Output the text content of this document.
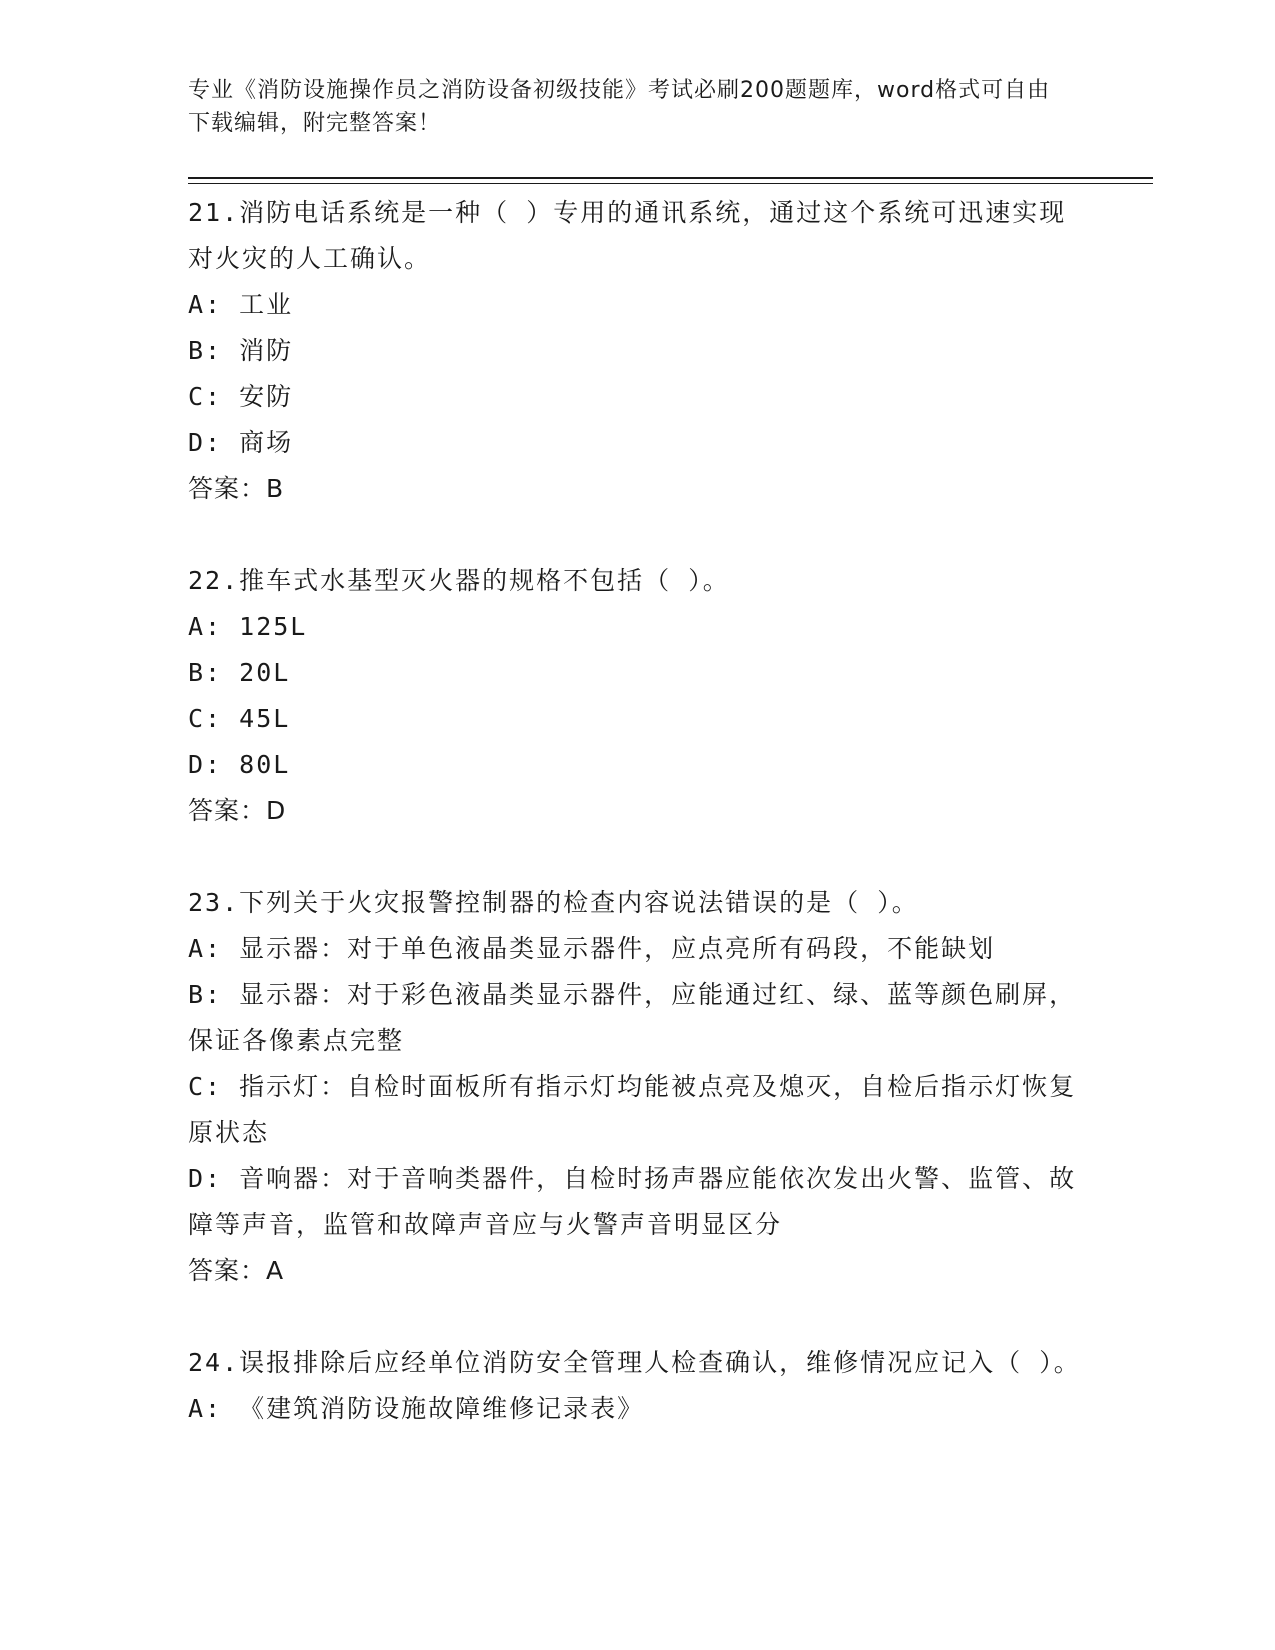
专业《消防设施操作员之消防设备初级技能》考试必刷200题题库，word格式可自由下载编辑，附完整答案！
21.消防电话系统是一种（ ）专用的通讯系统，通过这个系统可迅速实现对火灾的人工确认。
A: 工业
B: 消防
C: 安防
D: 商场
答案：B
22.推车式水基型灭火器的规格不包括（ ）。
A: 125L
B: 20L
C: 45L
D: 80L
答案：D
23.下列关于火灾报警控制器的检查内容说法错误的是（ ）。
A: 显示器：对于单色液晶类显示器件，应点亮所有码段，不能缺划
B: 显示器：对于彩色液晶类显示器件，应能通过红、绿、蓝等颜色刷屏，保证各像素点完整
C: 指示灯：自检时面板所有指示灯均能被点亮及熄灭，自检后指示灯恢复原状态
D: 音响器：对于音响类器件，自检时扬声器应能依次发出火警、监管、故障等声音，监管和故障声音应与火警声音明显区分
答案：A
24.误报排除后应经单位消防安全管理人检查确认，维修情况应记入（ ）。
A: 《建筑消防设施故障维修记录表》
